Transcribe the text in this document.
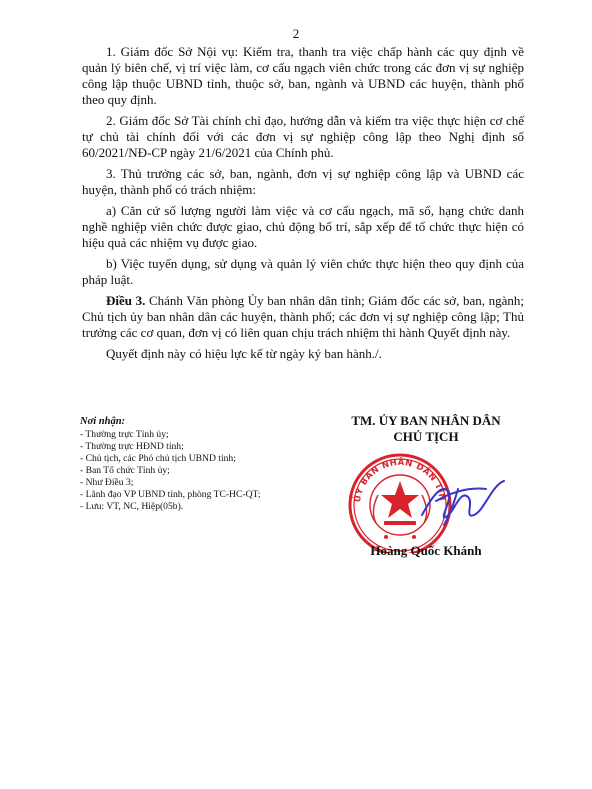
2

1. Giám đốc Sở Nội vụ: Kiểm tra, thanh tra việc chấp hành các quy định về quản lý biên chế, vị trí việc làm, cơ cấu ngạch viên chức trong các đơn vị sự nghiệp công lập thuộc UBND tỉnh, thuộc sở, ban, ngành và UBND các huyện, thành phố theo quy định.

2. Giám đốc Sở Tài chính chỉ đạo, hướng dẫn và kiểm tra việc thực hiện cơ chế tự chủ tài chính đối với các đơn vị sự nghiệp công lập theo Nghị định số 60/2021/NĐ-CP ngày 21/6/2021 của Chính phủ.

3. Thủ trưởng các sở, ban, ngành, đơn vị sự nghiệp công lập và UBND các huyện, thành phố có trách nhiệm:

a) Căn cứ số lượng người làm việc và cơ cấu ngạch, mã số, hạng chức danh nghề nghiệp viên chức được giao, chủ động bố trí, sắp xếp để tổ chức thực hiện có hiệu quả các nhiệm vụ được giao.

b) Việc tuyển dụng, sử dụng và quản lý viên chức thực hiện theo quy định của pháp luật.

Điều 3. Chánh Văn phòng Ủy ban nhân dân tỉnh; Giám đốc các sở, ban, ngành; Chủ tịch ủy ban nhân dân các huyện, thành phố; các đơn vị sự nghiệp công lập; Thủ trưởng các cơ quan, đơn vị có liên quan chịu trách nhiệm thi hành Quyết định này.

Quyết định này có hiệu lực kể từ ngày ký ban hành./.

Nơi nhận:
- Thường trực Tỉnh ủy;
- Thường trực HĐND tỉnh;
- Chủ tịch, các Phó chủ tịch UBND tỉnh;
- Ban Tổ chức Tỉnh ủy;
- Như Điều 3;
- Lãnh đạo VP UBND tỉnh, phòng TC-HC-QT;
- Lưu: VT, NC, Hiệp(05b).
TM. ỦY BAN NHÂN DÂN
CHỦ TỊCH
ỦY BAN NHÂN DÂN TỈN
Hoàng Quốc Khánh
